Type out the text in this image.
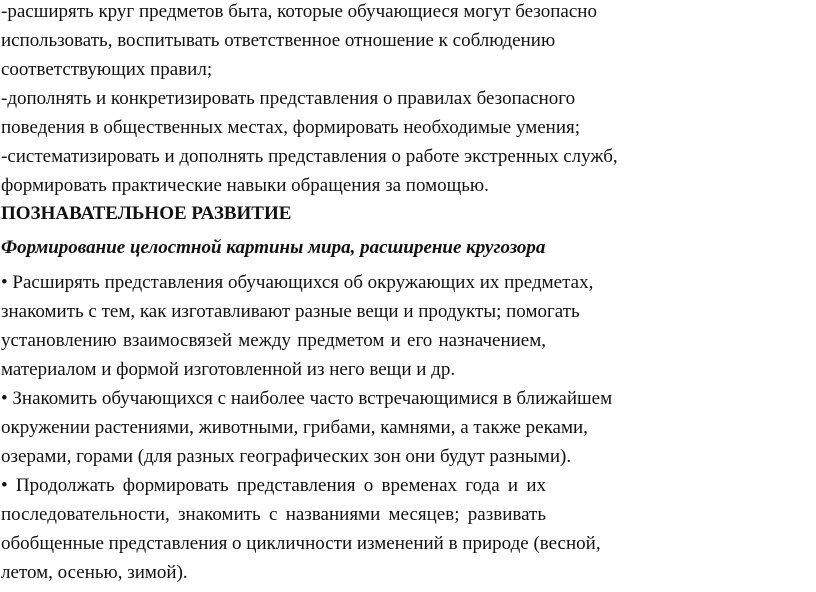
-расширять круг предметов быта, которые обучающиеся могут безопасно
использовать, воспитывать ответственное отношение к соблюдению
соответствующих правил;
-дополнять и конкретизировать представления о правилах безопасного
поведения в общественных местах, формировать необходимые умения;
-систематизировать и дополнять представления о работе экстренных служб,
формировать практические навыки обращения за помощью.
ПОЗНАВАТЕЛЬНОЕ РАЗВИТИЕ
Формирование целостной картины мира, расширение кругозора
• Расширять представления обучающихся об окружающих их предметах,
знакомить с тем, как изготавливают разные вещи и продукты; помогать
установлению взаимосвязей между предметом и его назначением,
материалом и формой изготовленной из него вещи и др.
• Знакомить обучающихся с наиболее часто встречающимися в ближайшем
окружении растениями, животными, грибами, камнями, а также реками,
озерами, горами (для разных географических зон они будут разными).
• Продолжать формировать представления о временах года и их
последовательности, знакомить с названиями месяцев; развивать
обобщенные представления о цикличности изменений в природе (весной,
летом, осенью, зимой).
